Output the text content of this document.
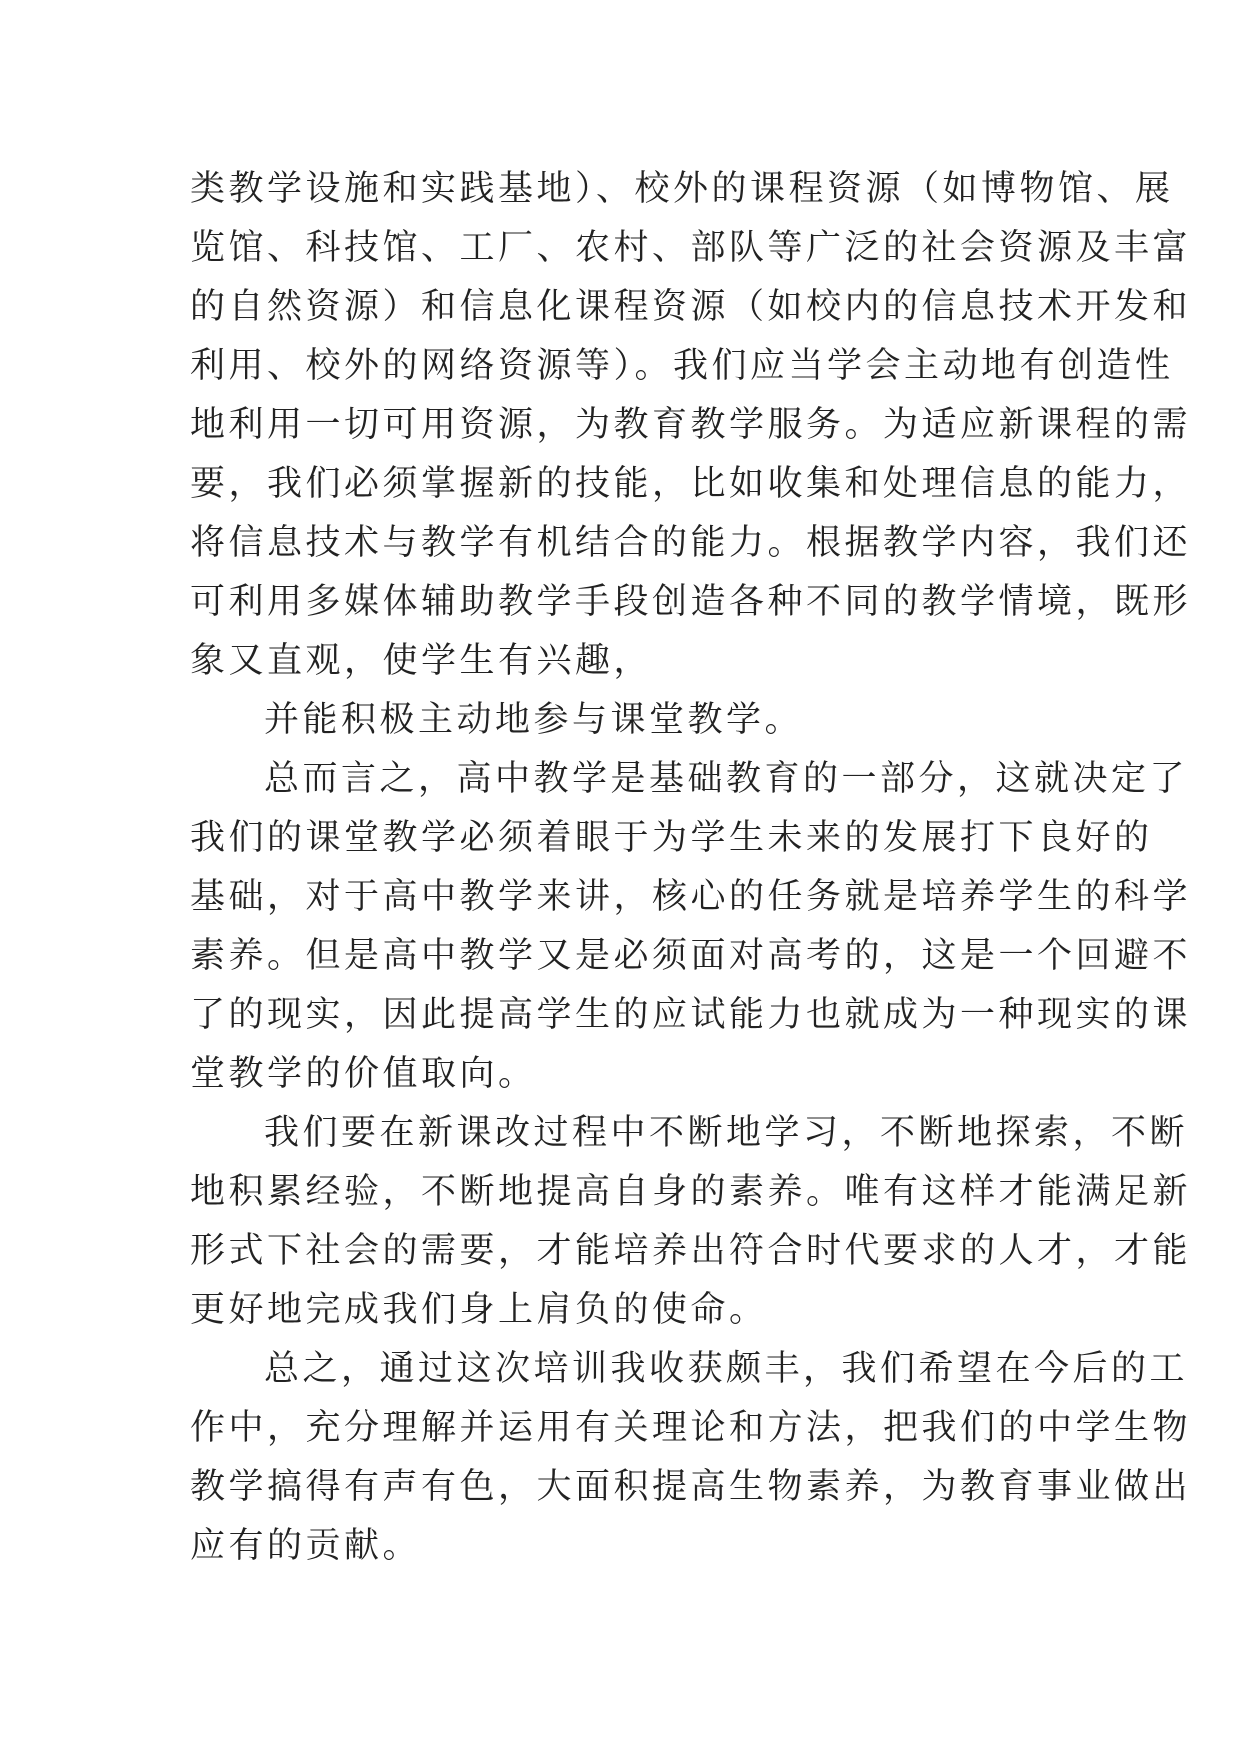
类教学设施和实践基地）、校外的课程资源（如博物馆、展
览馆、科技馆、工厂、农村、部队等广泛的社会资源及丰富
的自然资源）和信息化课程资源（如校内的信息技术开发和
利用、校外的网络资源等）。我们应当学会主动地有创造性
地利用一切可用资源，为教育教学服务。为适应新课程的需
要，我们必须掌握新的技能，比如收集和处理信息的能力，
将信息技术与教学有机结合的能力。根据教学内容，我们还
可利用多媒体辅助教学手段创造各种不同的教学情境，既形
象又直观，使学生有兴趣，
并能积极主动地参与课堂教学。
总而言之，高中教学是基础教育的一部分，这就决定了
我们的课堂教学必须着眼于为学生未来的发展打下良好的
基础，对于高中教学来讲，核心的任务就是培养学生的科学
素养。但是高中教学又是必须面对高考的，这是一个回避不
了的现实，因此提高学生的应试能力也就成为一种现实的课
堂教学的价值取向。
我们要在新课改过程中不断地学习，不断地探索，不断
地积累经验，不断地提高自身的素养。唯有这样才能满足新
形式下社会的需要，才能培养出符合时代要求的人才，才能
更好地完成我们身上肩负的使命。
总之，通过这次培训我收获颇丰，我们希望在今后的工
作中，充分理解并运用有关理论和方法，把我们的中学生物
教学搞得有声有色，大面积提高生物素养，为教育事业做出
应有的贡献。
